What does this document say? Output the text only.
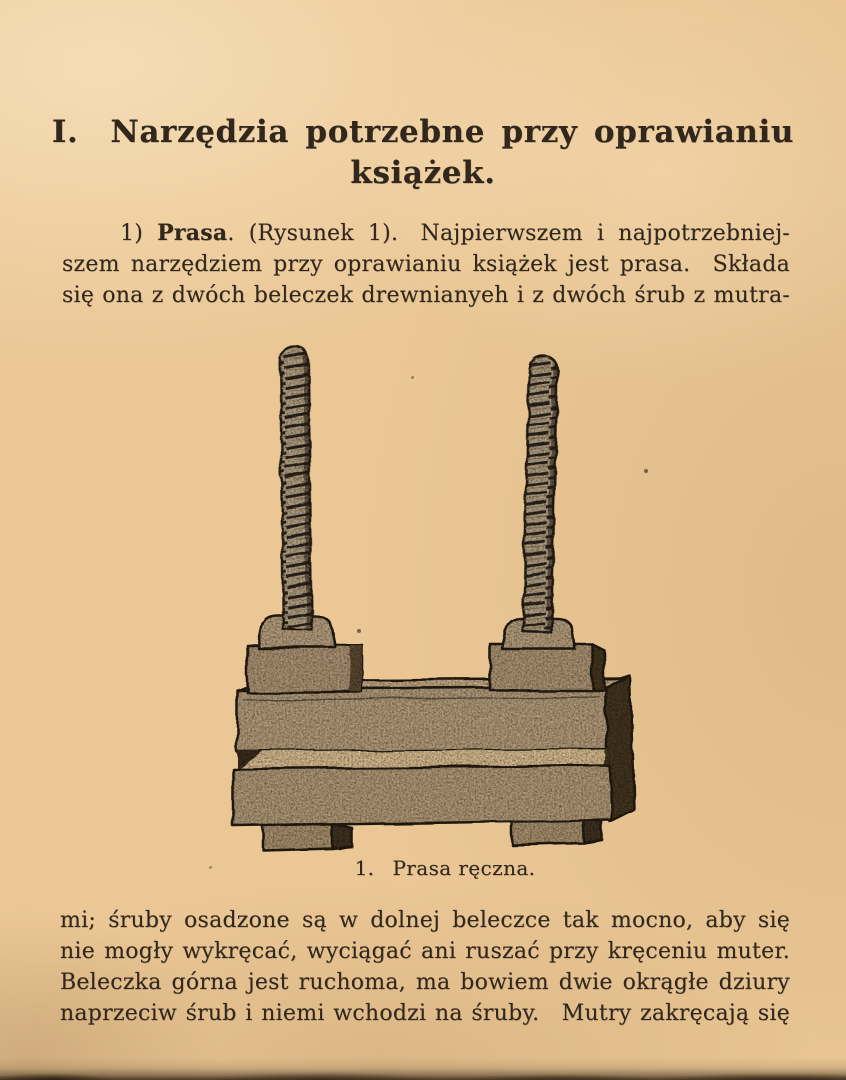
I. Narzędzia potrzebne przy oprawianiu
książek.
1) Prasa. (Rysunek 1). Najpierwszem i najpotrzebniej-
szem narzędziem przy oprawianiu książek jest prasa. Składa
się ona z dwóch beleczek drewnianyeh i z dwóch śrub z mutra-
1. Prasa ręczna.
mi; śruby osadzone są w dolnej beleczce tak mocno, aby się
nie mogły wykręcać, wyciągać ani ruszać przy kręceniu muter.
Beleczka górna jest ruchoma, ma bowiem dwie okrągłe dziury
naprzeciw śrub i niemi wchodzi na śruby. Mutry zakręcają się
